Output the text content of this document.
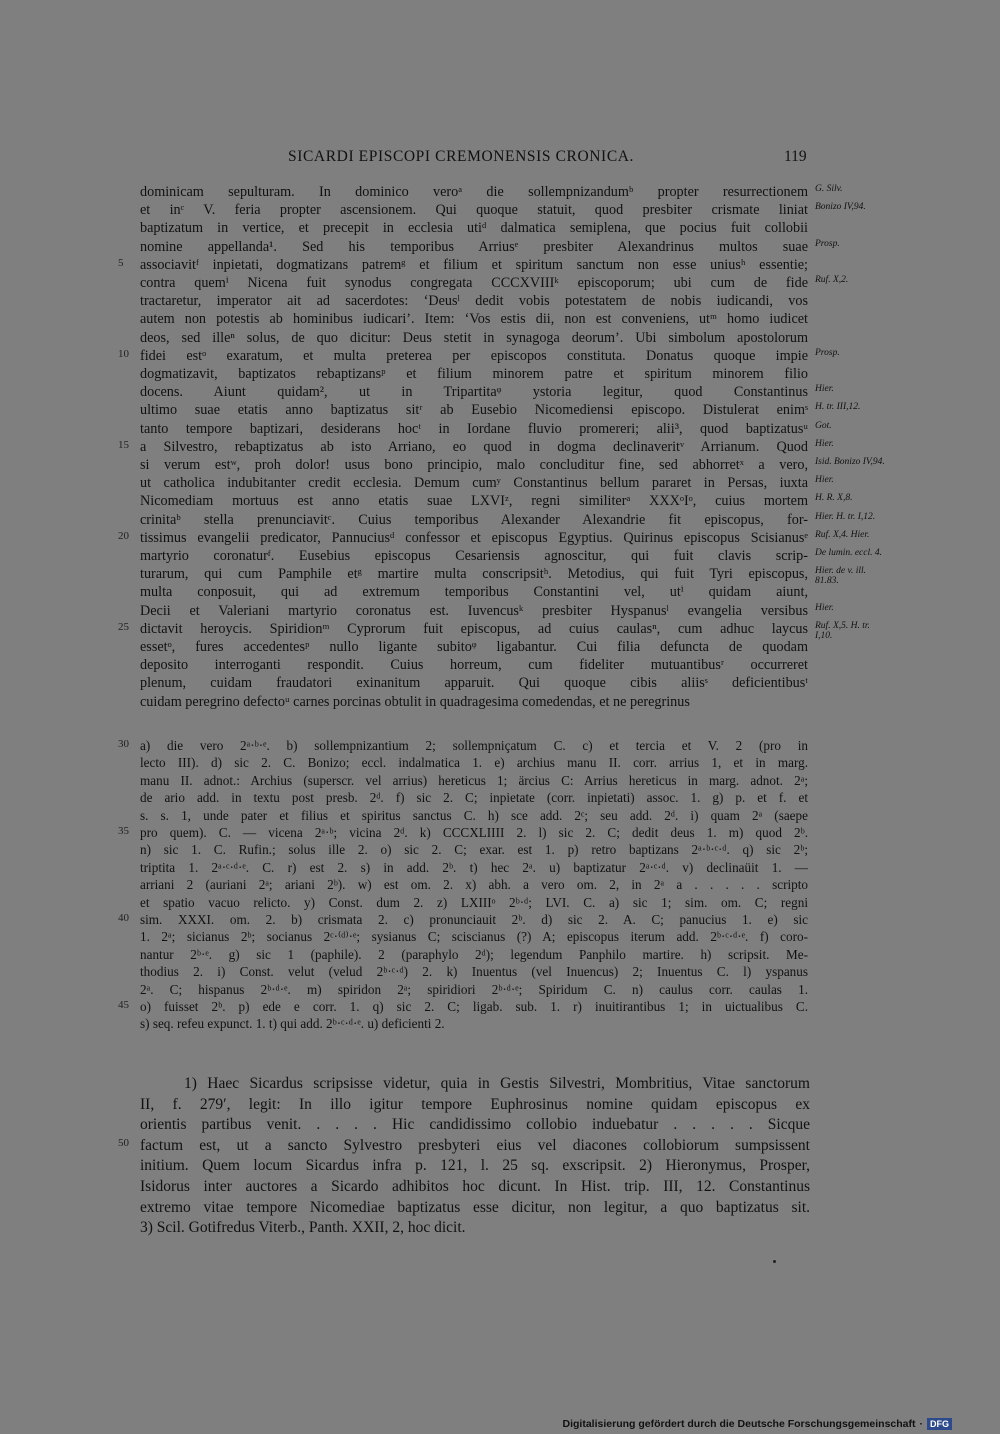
SICARDI EPISCOPI CREMONENSIS CRONICA.	119
dominicam sepulturam. In dominico veroᵃ die sollempnizandumᵇ propter resurrectionem G. Silv.
et inᶜ V. feria propter ascensionem. Qui quoque statuit, quod presbiter crismate liniat Bonizo IV,94.
baptizatum in vertice, et precepit in ecclesia utiᵈ dalmatica semiplena, que pocius fuit collobii
nomine appellanda¹. Sed his temporibus Arriusᵉ presbiter Alexandrinus multos suae Prosp.
5	associavitᶠ inpietati, dogmatizans patremᵍ et filium et spiritum sanctum non esse uniusʰ essentie;
contra quemⁱ Nicena fuit synodus congregata CCCXVIIIᵏ episcoporum; ubi cum de fide Ruf. X,2.
tractaretur, imperator ait ad sacerdotes: ‘Deusˡ dedit vobis potestatem de nobis iudicandi, vos
autem non potestis ab hominibus iudicari’. Item: ‘Vos estis dii, non est conveniens, utᵐ homo iudicet
deos, sed illeⁿ solus, de quo dicitur: Deus stetit in synagoga deorum’. Ubi simbolum apostolorum
10 fidei estᵒ exaratum, et multa preterea per episcopos constituta. Donatus quoque impie Prosp.
dogmatizavit, baptizatos rebaptizansᵖ et filium minorem patre et spiritum minorem filio
docens. Aiunt quidam², ut in Tripartitaᵠ ystoria legitur, quod Constantinus Hier.
ultimo suae etatis anno baptizatus sitʳ ab Eusebio Nicomediensi episcopo. Distulerat enimˢ H. tr. III,12.
tanto tempore baptizari, desiderans hocᵗ in Iordane fluvio promereri; alii³, quod baptizatusᵘ Got.
15 a Silvestro, rebaptizatus ab isto Arriano, eo quod in dogma declinaveritᵛ Arrianum. Quod Hier.
si verum estʷ, proh dolor! usus bono principio, malo concluditur fine, sed abhorretˣ a vero, Isid. Bonizo IV,94.
ut catholica indubitanter credit ecclesia. Demum cumʸ Constantinus bellum pararet in Persas, iuxta Hier.
Nicomediam mortuus est anno etatis suae LXVIᶻ, regni similiterᵃ XXXᵒIᵒ, cuius mortem H. R. X,8.
crinitaᵇ stella prenunciavitᶜ. Cuius temporibus Alexander Alexandrie fit episcopus, for- Hier. H. tr. I,12.
20 tissimus evangelii predicator, Pannuciusᵈ confessor et episcopus Egyptius. Quirinus episcopus Scisianusᵉ Ruf. X,4. Hier.
martyrio coronaturᶠ. Eusebius episcopus Cesariensis agnoscitur, qui fuit clavis scrip- De lumin. eccl. 4.
turarum, qui cum Pamphile etᵍ martire multa conscripsitʰ. Metodius, qui fuit Tyri episcopus, Hier. de v. ill. 81.83.
multa conposuit, qui ad extremum temporibus Constantini vel, utⁱ quidam aiunt,
Decii et Valeriani martyrio coronatus est. Iuvencusᵏ presbiter Hyspanusˡ evangelia versibus Hier.
25 dictavit heroycis. Spiridionᵐ Cyprorum fuit episcopus, ad cuius caulasⁿ, cum adhuc laycus Ruf. X,5. H. tr. I,10.
essetᵒ, fures accedentesᵖ nullo ligante subitoᵠ ligabantur. Cui filia defuncta de quodam
deposito interroganti respondit. Cuius horreum, cum fideliter mutuantibusʳ occurreret
plenum, cuidam fraudatori exinanitum apparuit. Qui quoque cibis aliisˢ deficientibusᵗ
cuidam peregrino defectoᵘ carnes porcinas obtulit in quadragesima comedendas, et ne peregrinus
30 a) die vero 2ᵃ·ᵇ·ᵉ. b) sollempnizantium 2; sollempniçatum C. c) et tercia et V. 2 (pro in
lecto III). d) sic 2. C. Bonizo; eccl. indalmatica 1. e) archius manu II. corr. arrius 1, et in marg.
manu II. adnot.: Archius (superscr. vel arrius) hereticus 1; ärcius C: Arrius hereticus in marg. adnot. 2ᵃ;
de ario add. in textu post presb. 2ᵈ. f) sic 2. C; inpietate (corr. inpietati) assoc. 1. g) p. et f. et
s. s. 1, unde pater et filius et spiritus sanctus C. h) sce add. 2ᶜ; seu add. 2ᵈ. i) quam 2ᵃ (saepe
35 pro quem). C. — vicena 2ᵃ·ᵇ; vicina 2ᵈ. k) CCCXLIIII 2. l) sic 2. C; dedit deus 1. m) quod 2ᵇ.
n) sic 1. C. Rufin.; solus ille 2. o) sic 2. C; exar. est 1. p) retro baptizans 2ᵃ·ᵇ·ᶜ·ᵈ. q) sic 2ᵇ;
triptita 1. 2ᵃ·ᶜ·ᵈ·ᵉ. C. r) est 2. s) in add. 2ᵇ. t) hec 2ᵃ. u) baptizatur 2ᵃ·ᶜ·ᵈ. v) declinaüit 1. —
arriani 2 (auriani 2ᵃ; ariani 2ᵇ). w) est om. 2. x) abh. a vero om. 2, in 2ᵃ a . . . . . scripto
et spatio vacuo relicto. y) Const. dum 2. z) LXIIIᵒ 2ᵇ·ᵈ; LVI. C. a) sic 1; sim. om. C; regni
40 sim. XXXI. om. 2. b) crismata 2. c) pronunciauit 2ᵇ. d) sic 2. A. C; panucius 1. e) sic
1. 2ᵃ; sicianus 2ᵇ; socianus 2ᶜ·⁽ᵈ⁾·ᵉ; sysianus C; sciscianus (?) A; episcopus iterum add. 2ᵇ·ᶜ·ᵈ·ᵉ. f) coro-
nantur 2ᵇ·ᵉ. g) sic 1 (paphile). 2 (paraphylo 2ᵈ); legendum Panphilo martire. h) scripsit. Me-
thodius 2. i) Const. velut (velud 2ᵇ·ᶜ·ᵈ) 2. k) Inuentus (vel Inuencus) 2; Inuentus C. l) yspanus
2ᵃ. C; hispanus 2ᵇ·ᵈ·ᵉ. m) spiridon 2ᵃ; spiridiori 2ᵇ·ᵈ·ᵉ; Spiridum C. n) caulus corr. caulas 1.
45 o) fuisset 2ᵇ. p) ede e corr. 1. q) sic 2. C; ligab. sub. 1. r) inuitirantibus 1; in uictualibus C.
s) seq. refeu expunct. 1. t) qui add. 2ᵇ·ᶜ·ᵈ·ᵉ. u) deficienti 2.
1) Haec Sicardus scripsisse videtur, quia in Gestis Silvestri, Mombritius, Vitae sanctorum
II, f. 279′, legit: In illo igitur tempore Euphrosinus nomine quidam episcopus ex
orientis partibus venit. . . . . Hic candidissimo collobio induebatur . . . . . Sicque
50 factum est, ut a sancto Sylvestro presbyteri eius vel diacones collobiorum sumpsissent
initium. Quem locum Sicardus infra p. 121, l. 25 sq. exscripsit. 2) Hieronymus, Prosper,
Isidorus inter auctores a Sicardo adhibitos hoc dicunt. In Hist. trip. III, 12. Constantinus
extremo vitae tempore Nicomediae baptizatus esse dicitur, non legitur, a quo baptizatus sit.
3) Scil. Gotifredus Viterb., Panth. XXII, 2, hoc dicit.
Digitalisierung gefördert durch die Deutsche Forschungsgemeinschaft · DFG
